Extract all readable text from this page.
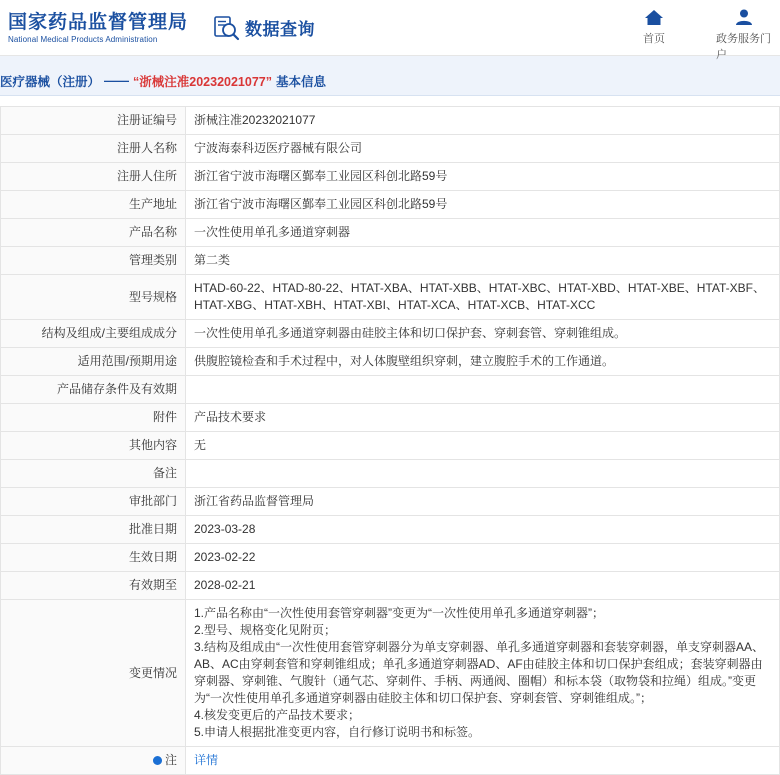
国家药品监督管理局
National Medical Products Administration	数据查询	首页	政务服务门户
医疗器械（注册） —— “浙械注准20232021077” 基本信息
注册证编号	浙械注准20232021077
注册人名称	宁波海泰科迈医疗器械有限公司
注册人住所	浙江省宁波市海曙区鄞奉工业园区科创北路59号
生产地址	浙江省宁波市海曙区鄞奉工业园区科创北路59号
产品名称	一次性使用单孔多通道穿刺器
管理类别	第二类
型号规格	HTAD-60-22、HTAD-80-22、HTAT-XBA、HTAT-XBB、HTAT-XBC、HTAT-XBD、HTAT-XBE、HTAT-XBF、HTAT-XBG、HTAT-XBH、HTAT-XBI、HTAT-XCA、HTAT-XCB、HTAT-XCC
结构及组成/主要组成成分	一次性使用单孔多通道穿刺器由硅胶主体和切口保护套、穿刺套管、穿刺锥组成。
适用范围/预期用途	供腹腔镜检查和手术过程中，对人体腹壁组织穿刺，建立腹腔手术的工作通道。
产品储存条件及有效期	
附件	产品技术要求
其他内容	无
备注	
审批部门	浙江省药品监督管理局
批准日期	2023-03-28
生效日期	2023-02-22
有效期至	2028-02-21
变更情况	1.产品名称由“一次性使用套管穿刺器”变更为“一次性使用单孔多通道穿刺器”；

2.型号、规格变化见附页；

3.结构及组成由“一次性使用套管穿刺器分为单支穿刺器、单孔多通道穿刺器和套装穿刺器，单支穿刺器AA、AB、AC由穿刺套管和穿刺锥组成；单孔多通道穿刺器AD、AF由硅胶主体和切口保护套组成；套装穿刺器由穿刺器、穿刺锥、气腹针（通气芯、穿刺件、手柄、两通阀、圈帽）和标本袋（取物袋和拉绳）组成。”变更为“一次性使用单孔多通道穿刺器由硅胶主体和切口保护套、穿刺套管、穿刺锥组成。”；

4.核发变更后的产品技术要求；

5.申请人根据批准变更内容，自行修订说明书和标签。

注	详情
